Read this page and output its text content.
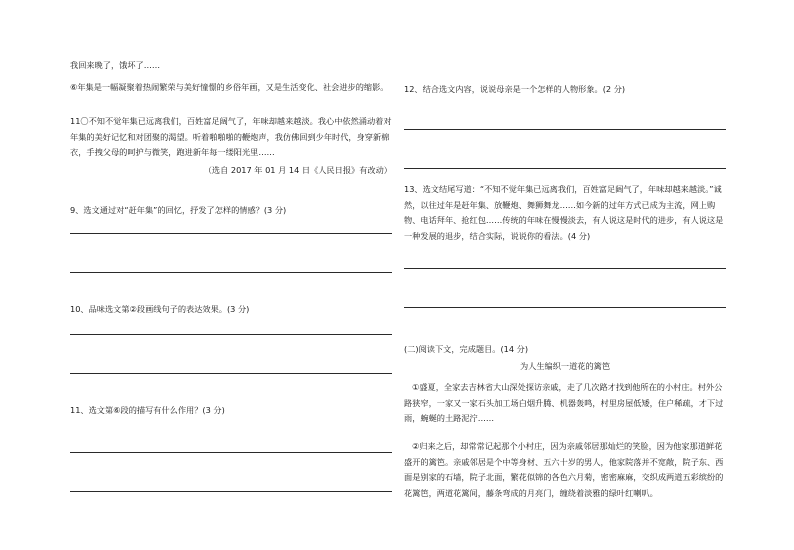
我回来晚了，饿坏了……
⑥年集是一幅凝聚着热闹繁荣与美好憧憬的乡俗年画，又是生活变化、社会进步的缩影。
11〇不知不觉年集已远离我们，百姓富足阔气了，年味却越来越淡。我心中依然涌动着对年集的美好记忆和对团聚的渴望。听着啪啪啪的鞭炮声，我仿佛回到少年时代，身穿新棉衣，手拽父母的呵护与微笑，跑进新年每一缕阳光里……
（选自 2017 年 01 月 14 日《人民日报》有改动）
9、选文通过对“赶年集”的回忆，抒发了怎样的情感？(3 分)
10、品味选文第②段画线句子的表达效果。(3 分)
11、选文第⑥段的描写有什么作用？(3 分)
12、结合选文内容，说说母亲是一个怎样的人物形象。(2 分)
13、选文结尾写道：“不知不觉年集已远离我们，百姓富足阔气了，年味却越来越淡。”诚然，以往过年是赶年集、放鞭炮、舞狮舞龙……如今新的过年方式已成为主流，网上购物、电话拜年、抢红包……传统的年味在慢慢淡去，有人说这是时代的进步，有人说这是一种发展的退步，结合实际，说说你的看法。(4 分)
(二)阅读下文，完成题目。(14 分)
为人生编织一道花的篱笆
①盛夏，全家去吉林省大山深处探访亲戚，走了几次路才找到他所在的小村庄。村外公路狭窄，一家又一家石头加工场白烟升腾、机器轰鸣，村里房屋低矮，住户稀疏，才下过雨，蜿蜒的土路泥泞……
②归来之后，却常常记起那个小村庄，因为亲戚邻居那灿烂的笑脸，因为他家那道鲜花盛开的篱笆。亲戚邻居是个中等身材、五六十岁的男人，他家院落并不宽敞，院子东、西面是别家的石墙，院子北面，繁花似锦的各色六月菊，密密麻麻，交织成两道五彩缤纷的花篱笆，两道花篱间，藤条弯成的月亮门，缠绕着淡雅的绿叶红喇叭。
